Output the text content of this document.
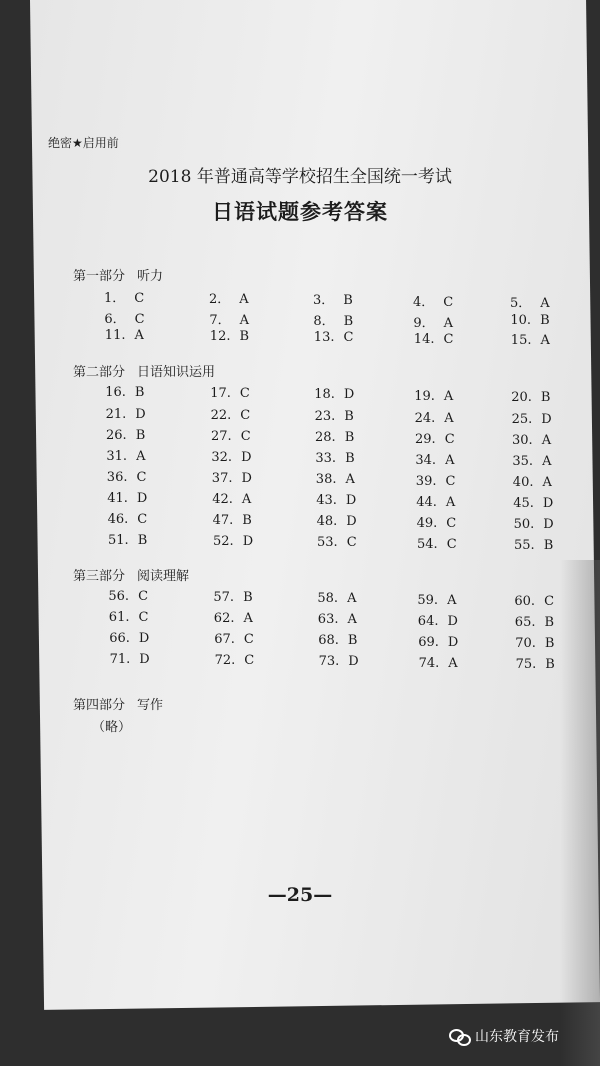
绝密★启用前
2018 年普通高等学校招生全国统一考试
日语试题参考答案
第一部分 听力
第二部分 日语知识运用
第三部分 阅读理解
第四部分 写作
（略）
1． C	2． A	3． B	4． C	5． A
6． C	7． A	8． B	9． A	10. B
11. A	12. B	13. C	14. C	15. A
16. B	17. C	18. D	19. A	20. B
21. D	22. C	23. B	24. A	25. D
26. B	27. C	28. B	29. C	30. A
31. A	32. D	33. B	34. A	35. A
36. C	37. D	38. A	39. C	40. A
41. D	42. A	43. D	44. A	45. D
46. C	47. B	48. D	49. C	50. D
51. B	52. D	53. C	54. C	55. B
56. C	57. B	58. A	59. A	60. C
61. C	62. A	63. A	64. D	65. B
66. D	67. C	68. B	69. D	70. B
71. D	72. C	73. D	74. A	75. B
—25—
山东教育发布
